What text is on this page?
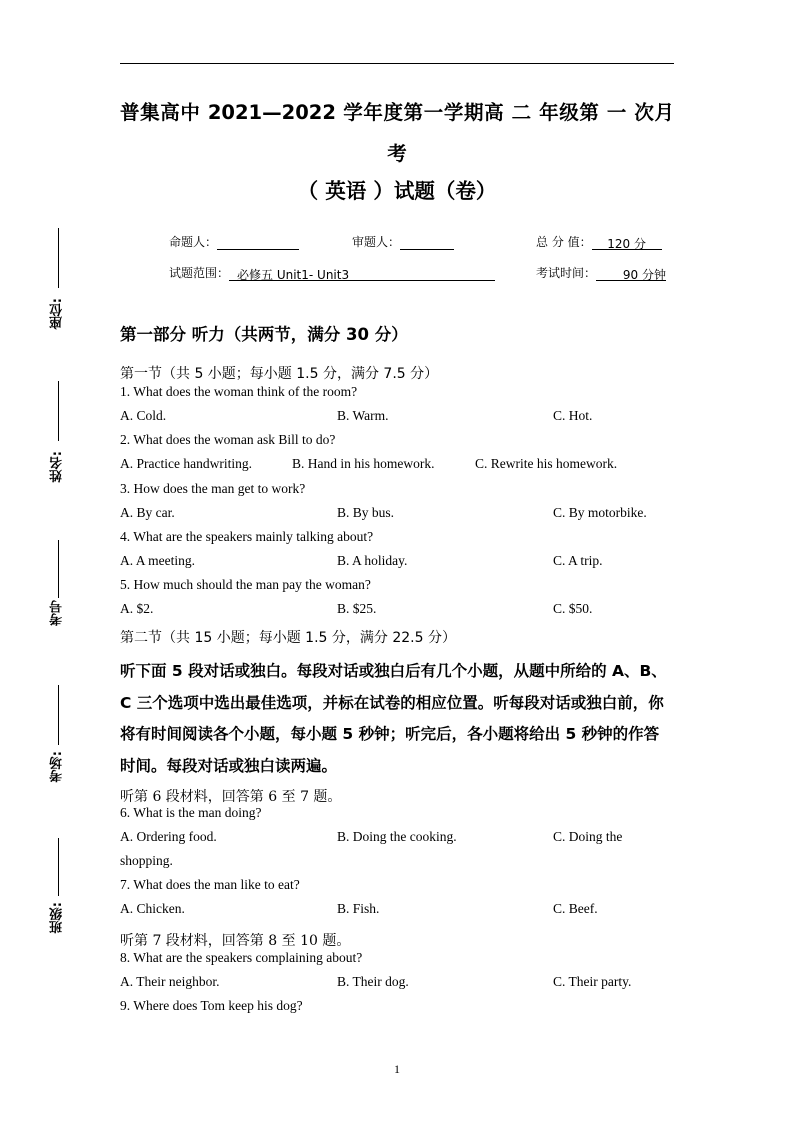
普集高中 2021—2022 学年度第一学期高 二 年级第 一 次月
考
（ 英语 ）试题（卷）
命题人：	审题人：	总 分 值： 120 分
试题范围： 必修五 Unit1- Unit3	考试时间： 90 分钟
座位:
姓名:
考号
考场:
班级:
第一部分 听力（共两节，满分 30 分）
第一节（共 5 小题；每小题 1.5 分，满分 7.5 分）
1. What does the woman think of the room?
A. Cold.	B. Warm.	C. Hot.
2. What does the woman ask Bill to do?
A. Practice handwriting.	B. Hand in his homework.	C. Rewrite his homework.
3. How does the man get to work?
A. By car.	B. By bus.	C. By motorbike.
4. What are the speakers mainly talking about?
A. A meeting.	B. A holiday.	C. A trip.
5. How much should the man pay the woman?
A. $2.	B. $25.	C. $50.
第二节（共 15 小题；每小题 1.5 分，满分 22.5 分）
听下面 5 段对话或独白。每段对话或独白后有几个小题，从题中所给的 A、B、C 三个选项中选出最佳选项，并标在试卷的相应位置。听每段对话或独白前，你将有时间阅读各个小题，每小题 5 秒钟；听完后，各小题将给出 5 秒钟的作答时间。每段对话或独白读两遍。
听第 6 段材料，回答第 6 至 7 题。
6. What is the man doing?
A. Ordering food.	B. Doing the cooking.	C. Doing the
shopping.
7. What does the man like to eat?
A. Chicken.	B. Fish.	C. Beef.
听第 7 段材料，回答第 8 至 10 题。
8. What are the speakers complaining about?
A. Their neighbor.	B. Their dog.	C. Their party.
9. Where does Tom keep his dog?
1
